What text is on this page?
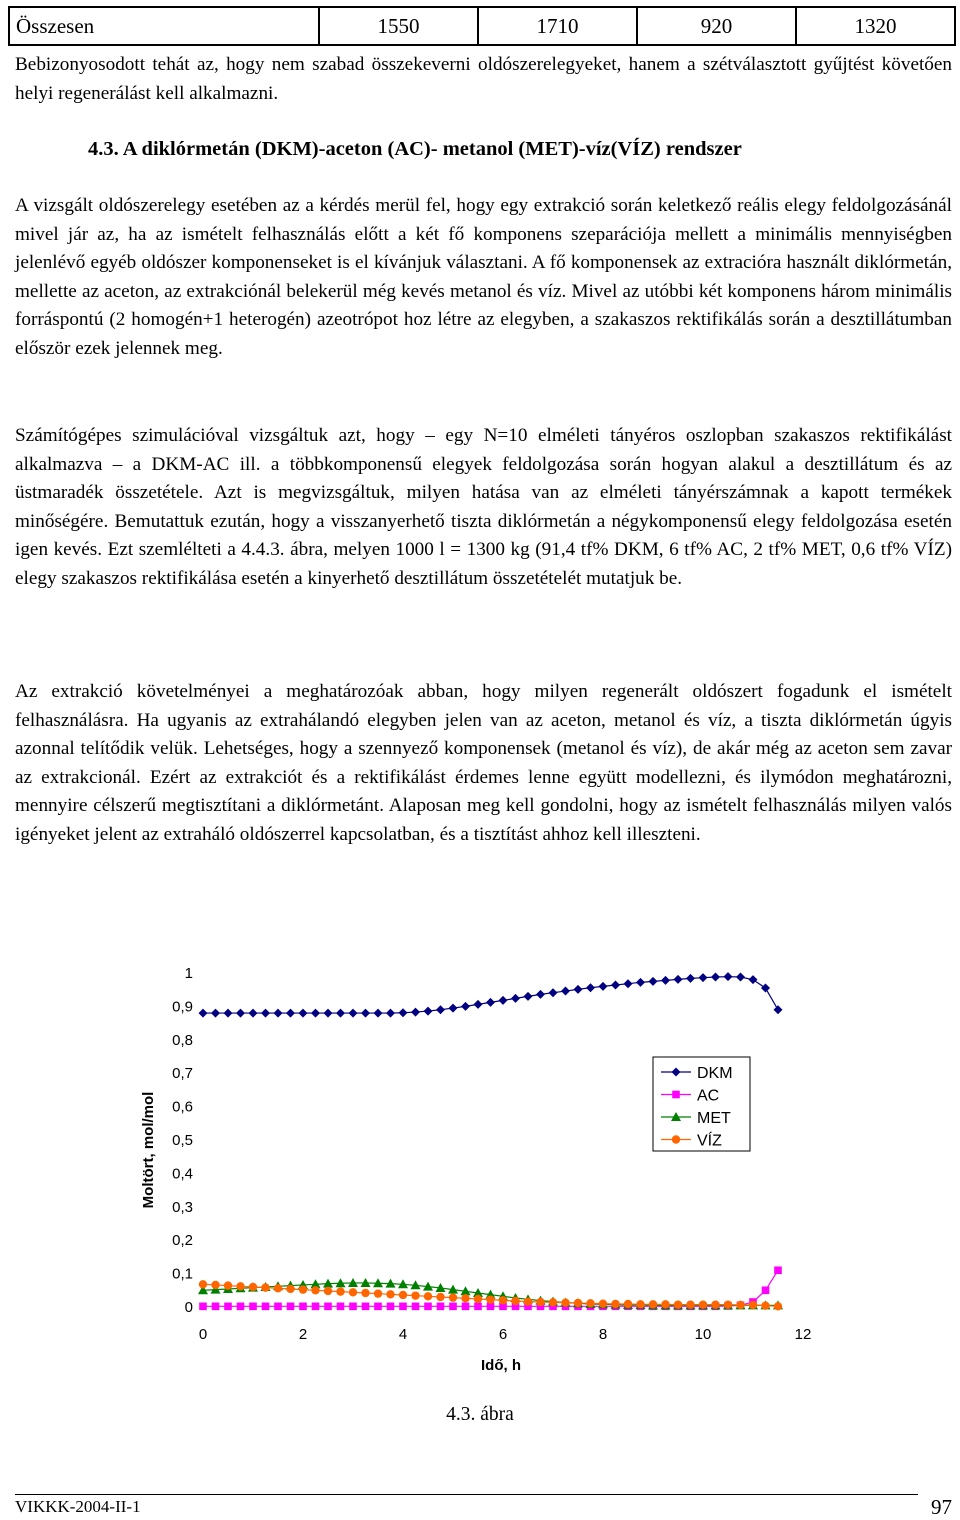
Összesen	1550	1710	920	1320
Bebizonyosodott tehát az, hogy nem szabad összekeverni oldószerelegyeket, hanem a szétválasztott gyűjtést követően helyi regenerálást kell alkalmazni.
4.3. A diklórmetán (DKM)-aceton (AC)- metanol (MET)-víz(VÍZ) rendszer
A vizsgált oldószerelegy esetében az a kérdés merül fel, hogy egy extrakció során keletkező reális elegy feldolgozásánál mivel jár az, ha az ismételt felhasználás előtt a két fő komponens szeparációja mellett a minimális mennyiségben jelenlévő egyéb oldószer komponenseket is el kívánjuk választani. A fő komponensek az extracióra használt diklórmetán, mellette az aceton, az extrakciónál belekerül még kevés metanol és víz. Mivel az utóbbi két komponens három minimális forráspontú (2 homogén+1 heterogén) azeotrópot hoz létre az elegyben, a szakaszos rektifikálás során a desztillátumban először ezek jelennek meg.
Számítógépes szimulációval vizsgáltuk azt, hogy – egy N=10 elméleti tányéros oszlopban szakaszos rektifikálást alkalmazva – a DKM-AC ill. a többkomponensű elegyek feldolgozása során hogyan alakul a desztillátum és az üstmaradék összetétele. Azt is megvizsgáltuk, milyen hatása van az elméleti tányérszámnak a kapott termékek minőségére. Bemutattuk ezután, hogy a visszanyerhető tiszta diklórmetán a négykomponensű elegy feldolgozása esetén igen kevés. Ezt szemlélteti a 4.4.3. ábra, melyen 1000 l = 1300 kg (91,4 tf% DKM, 6 tf% AC, 2 tf% MET, 0,6 tf% VÍZ) elegy szakaszos rektifikálása esetén a kinyerhető desztillátum összetételét mutatjuk be.
Az extrakció követelményei a meghatározóak abban, hogy milyen regenerált oldószert fogadunk el ismételt felhasználásra. Ha ugyanis az extrahálandó elegyben jelen van az aceton, metanol és víz, a tiszta diklórmetán úgyis azonnal telítődik velük. Lehetséges, hogy a szennyező komponensek (metanol és víz), de akár még az aceton sem zavar az extrakcionál. Ezért az extrakciót és a rektifikálást érdemes lenne együtt modellezni, és ilymódon meghatározni, mennyire célszerű megtisztítani a diklórmetánt. Alaposan meg kell gondolni, hogy az ismételt felhasználás milyen valós igényeket jelent az extraháló oldószerrel kapcsolatban, és a tisztítást ahhoz kell illeszteni.
0
0,1
0,2
0,3
0,4
0,5
0,6
0,7
0,8
0,9
1
0	2	4	6	8	10	12
Idő, h
Moltört, mol/mol
DKM
AC
MET
VÍZ
4.3. ábra
VIKKK-2004-II-1	97
